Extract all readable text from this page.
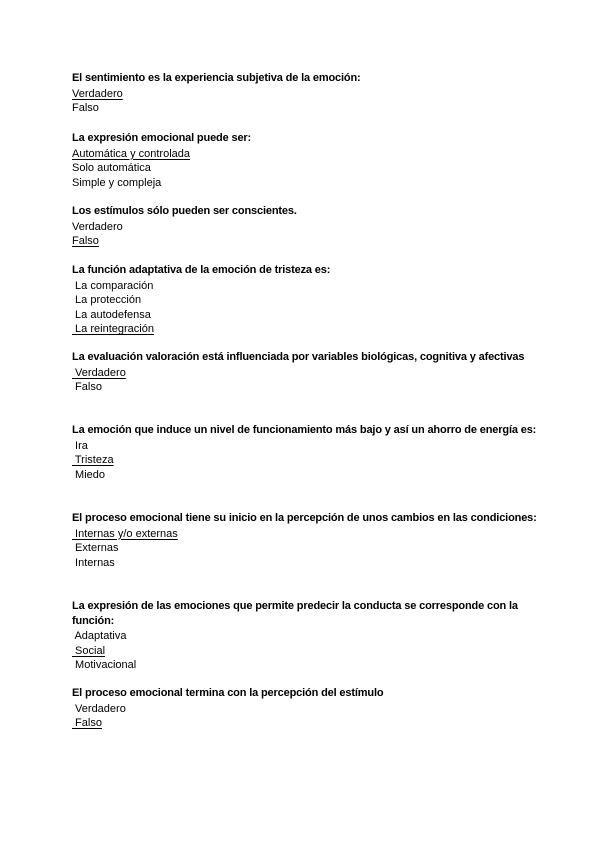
El sentimiento es la experiencia subjetiva de la emoción:
Verdadero
Falso
La expresión emocional puede ser:
Automática y controlada
Solo automática
Simple y compleja
Los estímulos sólo pueden ser conscientes.
Verdadero
Falso
La función adaptativa de la emoción de tristeza es:
La comparación
La protección
La autodefensa
La reintegración
La evaluación valoración está influenciada por variables biológicas, cognitiva y afectivas
Verdadero
Falso
La emoción que induce un nivel de funcionamiento más bajo y así un ahorro de energía es:
Ira
Tristeza
Miedo
El proceso emocional tiene su inicio en la percepción de unos cambios en las condiciones:
Internas y/o externas
Externas
Internas
La expresión de las emociones que permite predecir la conducta se corresponde con la función:
Adaptativa
Social
Motivacional
El proceso emocional termina con la percepción del estímulo
Verdadero
Falso
